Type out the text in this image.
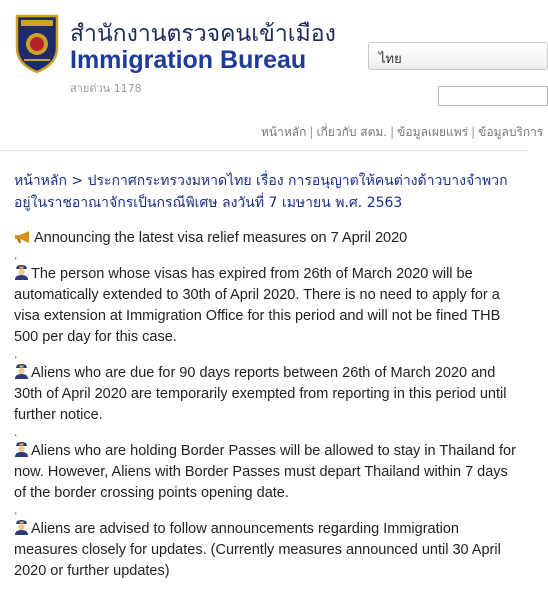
สำนักงานตรวจคนเข้าเมือง
Immigration Bureau
สายด่วน 1178
ไทย
หน้าหลัก | เกี่ยวกับ สตม. | ข้อมูลเผยแพร่ | ข้อมูลบริการ
หน้าหลัก > ประกาศกระทรวงมหาดไทย เรื่อง การอนุญาตให้คนต่างด้าวบางจำพวกอยู่ในราชอาณาจักรเป็นกรณีพิเศษ ลงวันที่ 7 เมษายน พ.ศ. 2563

Announcing the latest visa relief measures on 7 April 2020

.

The person whose visas has expired from 26th of March 2020 will be automatically extended to 30th of April 2020. There is no need to apply for a visa extension at Immigration Office for this period and will not be fined THB 500 per day for this case.

.

Aliens who are due for 90 days reports between 26th of March 2020 and 30th of April 2020 are temporarily exempted from reporting in this period until further notice.

.

Aliens who are holding Border Passes will be allowed to stay in Thailand for now. However, Aliens with Border Passes must depart Thailand within 7 days of the border crossing points opening date.

.

Aliens are advised to follow announcements regarding Immigration measures closely for updates. (Currently measures announced until 30 April 2020 or further updates)
